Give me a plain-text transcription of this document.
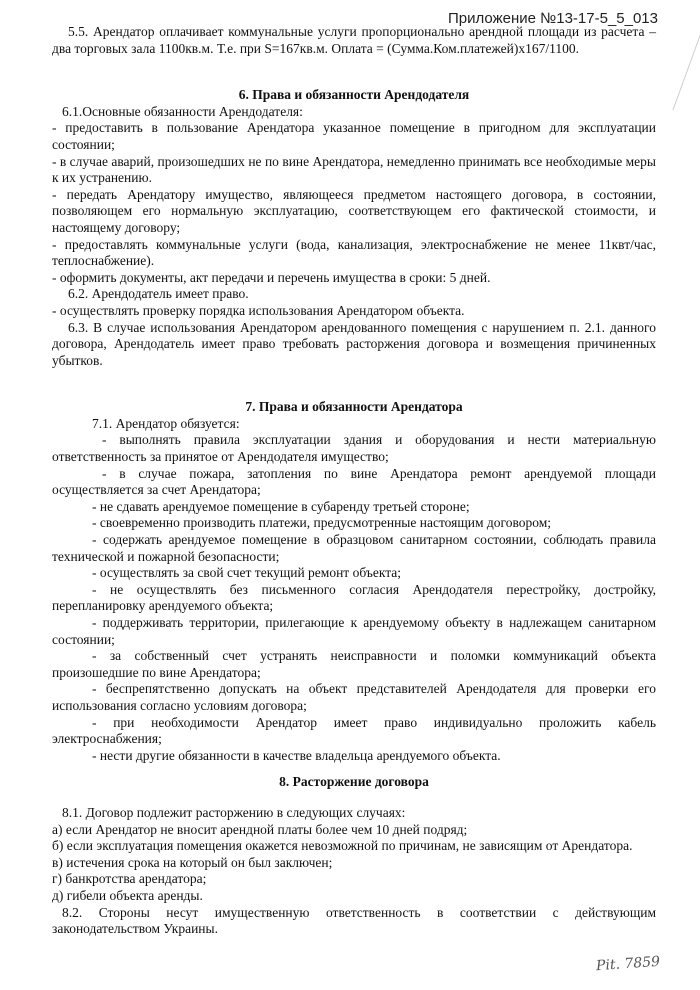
Приложение №13-17-5_5_013

5.5. Арендатор оплачивает коммунальные услуги пропорционально арендной площади из расчета – два торговых зала 1100кв.м. Т.е. при S=167кв.м. Оплата = (Сумма.Ком.платежей)х167/1100.

6. Права и обязанности Арендодателя

6.1.Основные обязанности Арендодателя:

- предоставить в пользование Арендатора указанное помещение в пригодном для эксплуатации состоянии;

- в случае аварий, произошедших не по вине Арендатора, немедленно принимать все необходимые меры к их устранению.

- передать Арендатору имущество, являющееся предметом настоящего договора, в состоянии, позволяющем его нормальную эксплуатацию, соответствующем его фактической стоимости, и настоящему договору;

- предоставлять коммунальные услуги (вода, канализация, электроснабжение не менее 11квт/час, теплоснабжение).

- оформить документы, акт передачи и перечень имущества в сроки: 5 дней.

6.2. Арендодатель имеет право.

- осуществлять проверку порядка использования Арендатором объекта.

6.3. В случае использования Арендатором арендованного помещения с нарушением п. 2.1. данного договора, Арендодатель имеет право требовать расторжения договора и возмещения причиненных убытков.

7. Права и обязанности Арендатора

7.1. Арендатор обязуется:

- выполнять правила эксплуатации здания и оборудования и нести материальную ответственность за принятое от Арендодателя имущество;

- в случае пожара, затопления по вине Арендатора ремонт арендуемой площади осуществляется за счет Арендатора;

- не сдавать арендуемое помещение в субаренду третьей стороне;

- своевременно производить платежи, предусмотренные настоящим договором;

- содержать арендуемое помещение в образцовом санитарном состоянии, соблюдать правила технической и пожарной безопасности;

- осуществлять за свой счет текущий ремонт объекта;

- не осуществлять без письменного согласия Арендодателя перестройку, достройку, перепланировку арендуемого объекта;

- поддерживать территории, прилегающие к арендуемому объекту в надлежащем санитарном состоянии;

- за собственный счет устранять неисправности и поломки коммуникаций объекта произошедшие по вине Арендатора;

- беспрепятственно допускать на объект представителей Арендодателя для проверки его использования согласно условиям договора;

- при необходимости Арендатор имеет право индивидуально проложить кабель электроснабжения;

- нести другие обязанности в качестве владельца арендуемого объекта.

8. Расторжение договора

8.1. Договор подлежит расторжению в следующих случаях:

а) если Арендатор не вносит арендной платы более чем 10 дней подряд;

б) если эксплуатация помещения окажется невозможной по причинам, не зависящим от Арендатора.

в) истечения срока на который он был заключен;

г) банкротства арендатора;

д) гибели объекта аренды.

8.2. Стороны несут имущественную ответственность в соответствии с действующим законодательством Украины.

Pit. 7859
